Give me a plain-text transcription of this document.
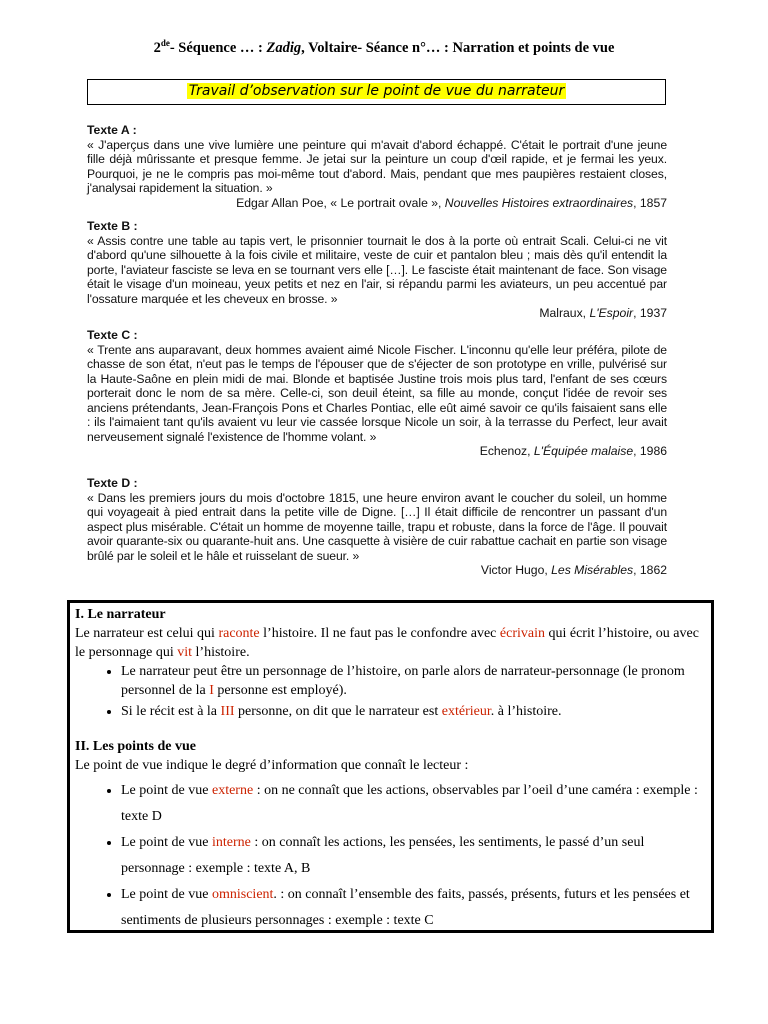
2de- Séquence … : Zadig, Voltaire- Séance n°… : Narration et points de vue
Travail d’observation sur le point de vue du narrateur
Texte A :
« J'aperçus dans une vive lumière une peinture qui m'avait d'abord échappé. C'était le portrait d'une jeune fille déjà mûrissante et presque femme. Je jetai sur la peinture un coup d'œil rapide, et je fermai les yeux. Pourquoi, je ne le compris pas moi-même tout d'abord. Mais, pendant que mes paupières restaient closes, j'analysai rapidement la situation. »
Edgar Allan Poe, « Le portrait ovale », Nouvelles Histoires extraordinaires, 1857
Texte B :
« Assis contre une table au tapis vert, le prisonnier tournait le dos à la porte où entrait Scali. Celui-ci ne vit d'abord qu'une silhouette à la fois civile et militaire, veste de cuir et pantalon bleu ; mais dès qu'il entendit la porte, l'aviateur fasciste se leva en se tournant vers elle […]. Le fasciste était maintenant de face. Son visage était le visage d'un moineau, yeux petits et nez en l'air, si répandu parmi les aviateurs, un peu accentué par l'ossature marquée et les cheveux en brosse. »
Malraux, L'Espoir, 1937
Texte C :
« Trente ans auparavant, deux hommes avaient aimé Nicole Fischer. L'inconnu qu'elle leur préféra, pilote de chasse de son état, n'eut pas le temps de l'épouser que de s'éjecter de son prototype en vrille, pulvérisé sur la Haute-Saône en plein midi de mai. Blonde et baptisée Justine trois mois plus tard, l'enfant de ses cœurs porterait donc le nom de sa mère. Celle-ci, son deuil éteint, sa fille au monde, conçut l'idée de revoir ses anciens prétendants, Jean-François Pons et Charles Pontiac, elle eût aimé savoir ce qu'ils faisaient sans elle : ils l'aimaient tant qu'ils avaient vu leur vie cassée lorsque Nicole un soir, à la terrasse du Perfect, leur avait nerveusement signalé l'existence de l'homme volant. »
Echenoz, L'Équipée malaise, 1986
Texte D :
« Dans les premiers jours du mois d'octobre 1815, une heure environ avant le coucher du soleil, un homme qui voyageait à pied entrait dans la petite ville de Digne. […] Il était difficile de rencontrer un passant d'un aspect plus misérable. C'était un homme de moyenne taille, trapu et robuste, dans la force de l'âge. Il pouvait avoir quarante-six ou quarante-huit ans. Une casquette à visière de cuir rabattue cachait en partie son visage brûlé par le soleil et le hâle et ruisselant de sueur. »
Victor Hugo, Les Misérables, 1862
I. Le narrateur
Le narrateur est celui qui raconte l’histoire. Il ne faut pas le confondre avec écrivain qui écrit l’histoire, ou avec le personnage qui vit l’histoire.
• Le narrateur peut être un personnage de l’histoire, on parle alors de narrateur-personnage (le pronom personnel de la I personne est employé).
• Si le récit est à la III personne, on dit que le narrateur est extérieur. à l’histoire.
II. Les points de vue
Le point de vue indique le degré d’information que connaît le lecteur :
• Le point de vue externe : on ne connaît que les actions, observables par l’oeil d’une caméra : exemple : texte D
• Le point de vue interne : on connaît les actions, les pensées, les sentiments, le passé d’un seul personnage : exemple : texte A, B
• Le point de vue omniscient. : on connaît l’ensemble des faits, passés, présents, futurs et les pensées et sentiments de plusieurs personnages : exemple : texte C
